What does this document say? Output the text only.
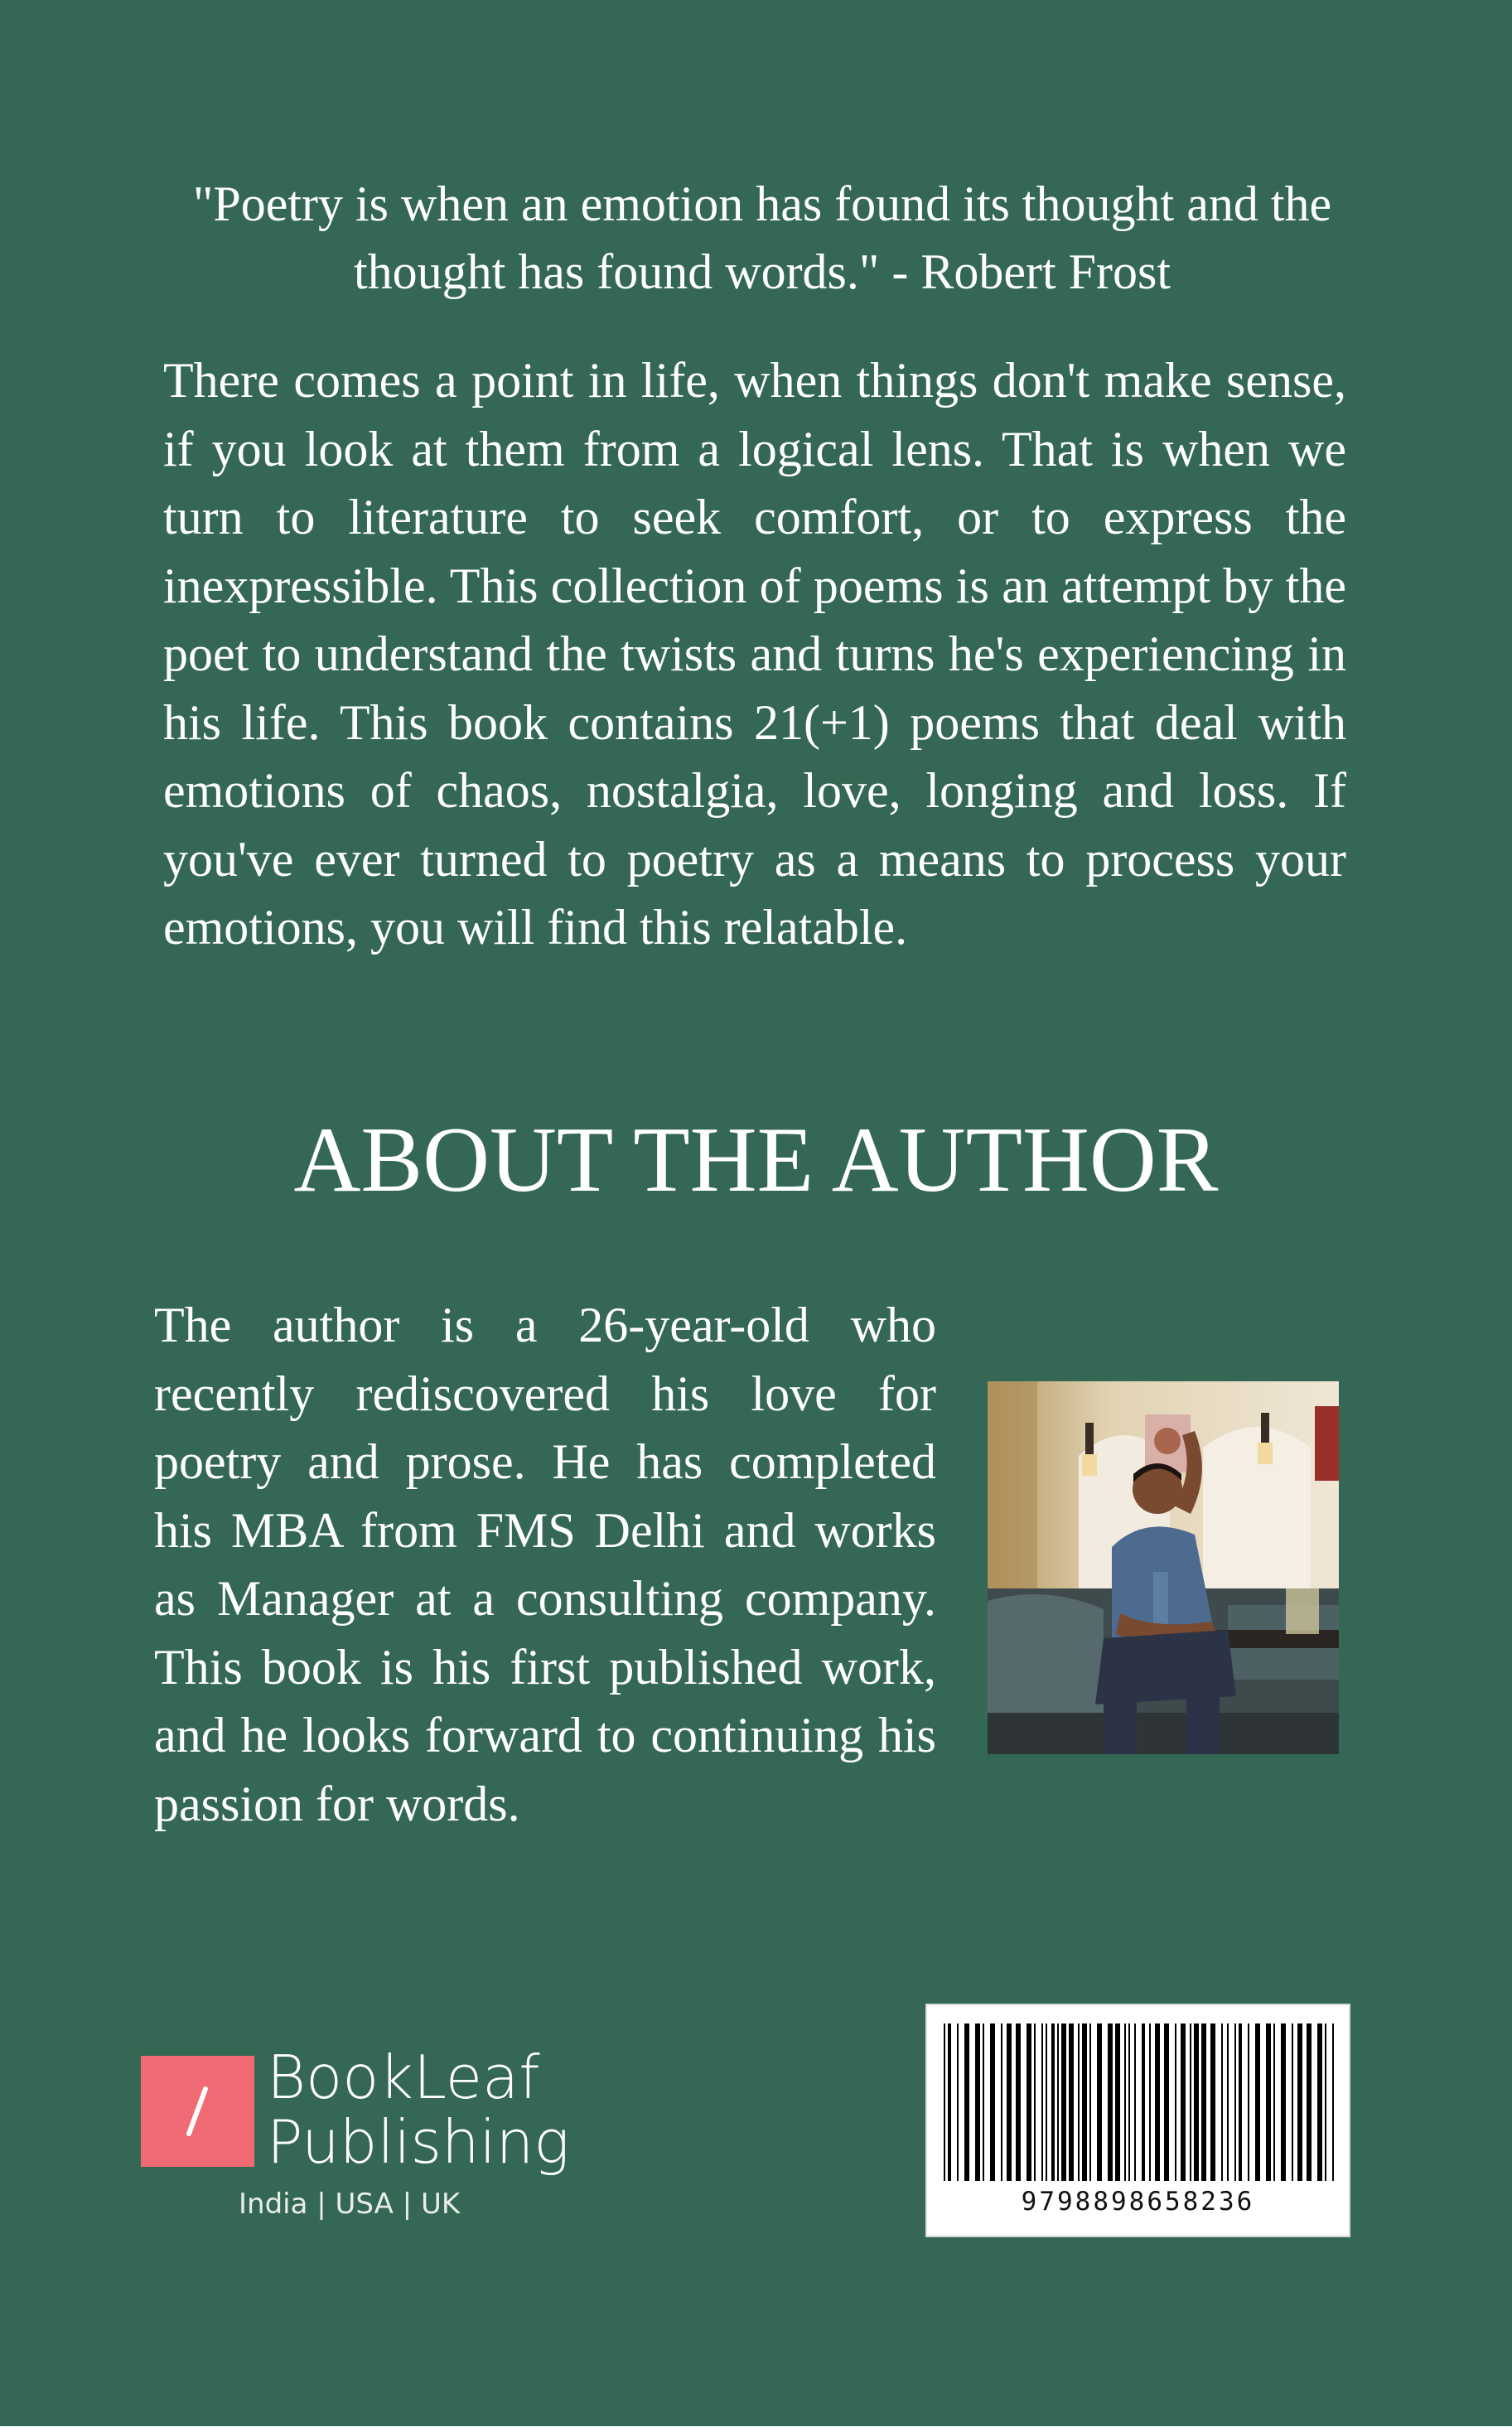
"Poetry is when an emotion has found its thought and the thought has found words." - Robert Frost

There comes a point in life, when things don't make sense, if you look at them from a logical lens. That is when we turn to literature to seek comfort, or to express the inexpressible. This collection of poems is an attempt by the poet to understand the twists and turns he's experiencing in his life. This book contains 21(+1) poems that deal with emotions of chaos, nostalgia, love, longing and loss. If you've ever turned to poetry as a means to process your emotions, you will find this relatable.

ABOUT THE AUTHOR

The author is a 26-year-old who recently rediscovered his love for poetry and prose. He has completed his MBA from FMS Delhi and works as Manager at a consulting company. This book is his first published work, and he looks forward to continuing his passion for words.

BookLeaf
Publishing
India | USA | UK	9798898658236
